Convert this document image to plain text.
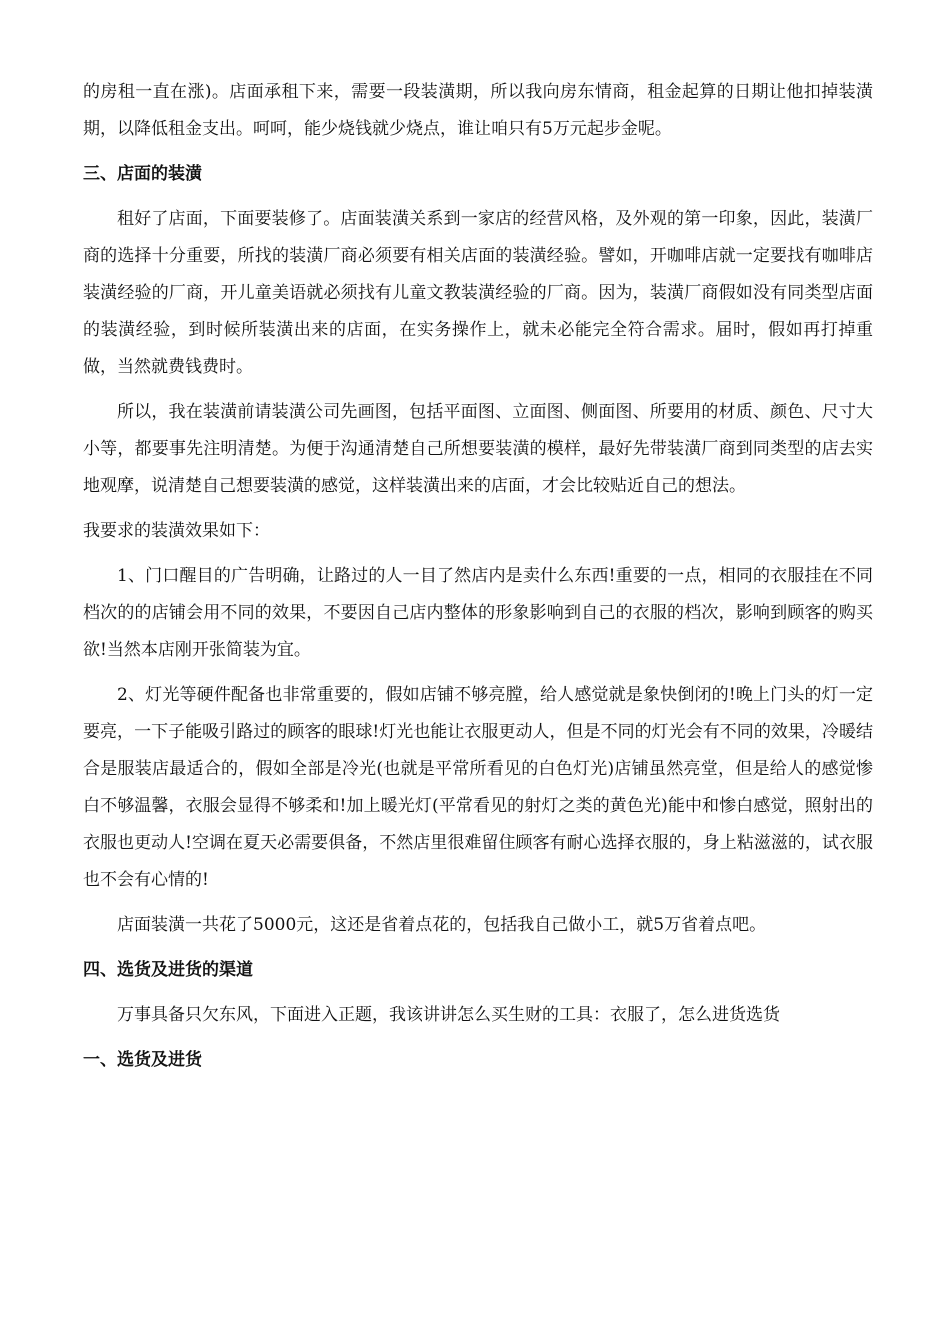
的房租一直在涨)。店面承租下来，需要一段装潢期，所以我向房东情商，租金起算的日期让他扣掉装潢期，以降低租金支出。呵呵，能少烧钱就少烧点，谁让咱只有5万元起步金呢。

三、店面的装潢

租好了店面，下面要装修了。店面装潢关系到一家店的经营风格，及外观的第一印象，因此，装潢厂商的选择十分重要，所找的装潢厂商必须要有相关店面的装潢经验。譬如，开咖啡店就一定要找有咖啡店装潢经验的厂商，开儿童美语就必须找有儿童文教装潢经验的厂商。因为，装潢厂商假如没有同类型店面的装潢经验，到时候所装潢出来的店面，在实务操作上，就未必能完全符合需求。届时，假如再打掉重做，当然就费钱费时。

所以，我在装潢前请装潢公司先画图，包括平面图、立面图、侧面图、所要用的材质、颜色、尺寸大小等，都要事先注明清楚。为便于沟通清楚自己所想要装潢的模样，最好先带装潢厂商到同类型的店去实地观摩，说清楚自己想要装潢的感觉，这样装潢出来的店面，才会比较贴近自己的想法。

我要求的装潢效果如下：

1、门口醒目的广告明确，让路过的人一目了然店内是卖什么东西!重要的一点，相同的衣服挂在不同档次的的店铺会用不同的效果，不要因自己店内整体的形象影响到自己的衣服的档次，影响到顾客的购买欲!当然本店刚开张简装为宜。

2、灯光等硬件配备也非常重要的，假如店铺不够亮膛，给人感觉就是象快倒闭的!晚上门头的灯一定要亮，一下子能吸引路过的顾客的眼球!灯光也能让衣服更动人，但是不同的灯光会有不同的效果，冷暖结合是服装店最适合的，假如全部是冷光(也就是平常所看见的白色灯光)店铺虽然亮堂，但是给人的感觉惨白不够温馨，衣服会显得不够柔和!加上暖光灯(平常看见的射灯之类的黄色光)能中和惨白感觉，照射出的衣服也更动人!空调在夏天必需要俱备，不然店里很难留住顾客有耐心选择衣服的，身上粘滋滋的，试衣服也不会有心情的!

店面装潢一共花了5000元，这还是省着点花的，包括我自己做小工，就5万省着点吧。

四、选货及进货的渠道

万事具备只欠东风，下面进入正题，我该讲讲怎么买生财的工具：衣服了，怎么进货选货

一、选货及进货
